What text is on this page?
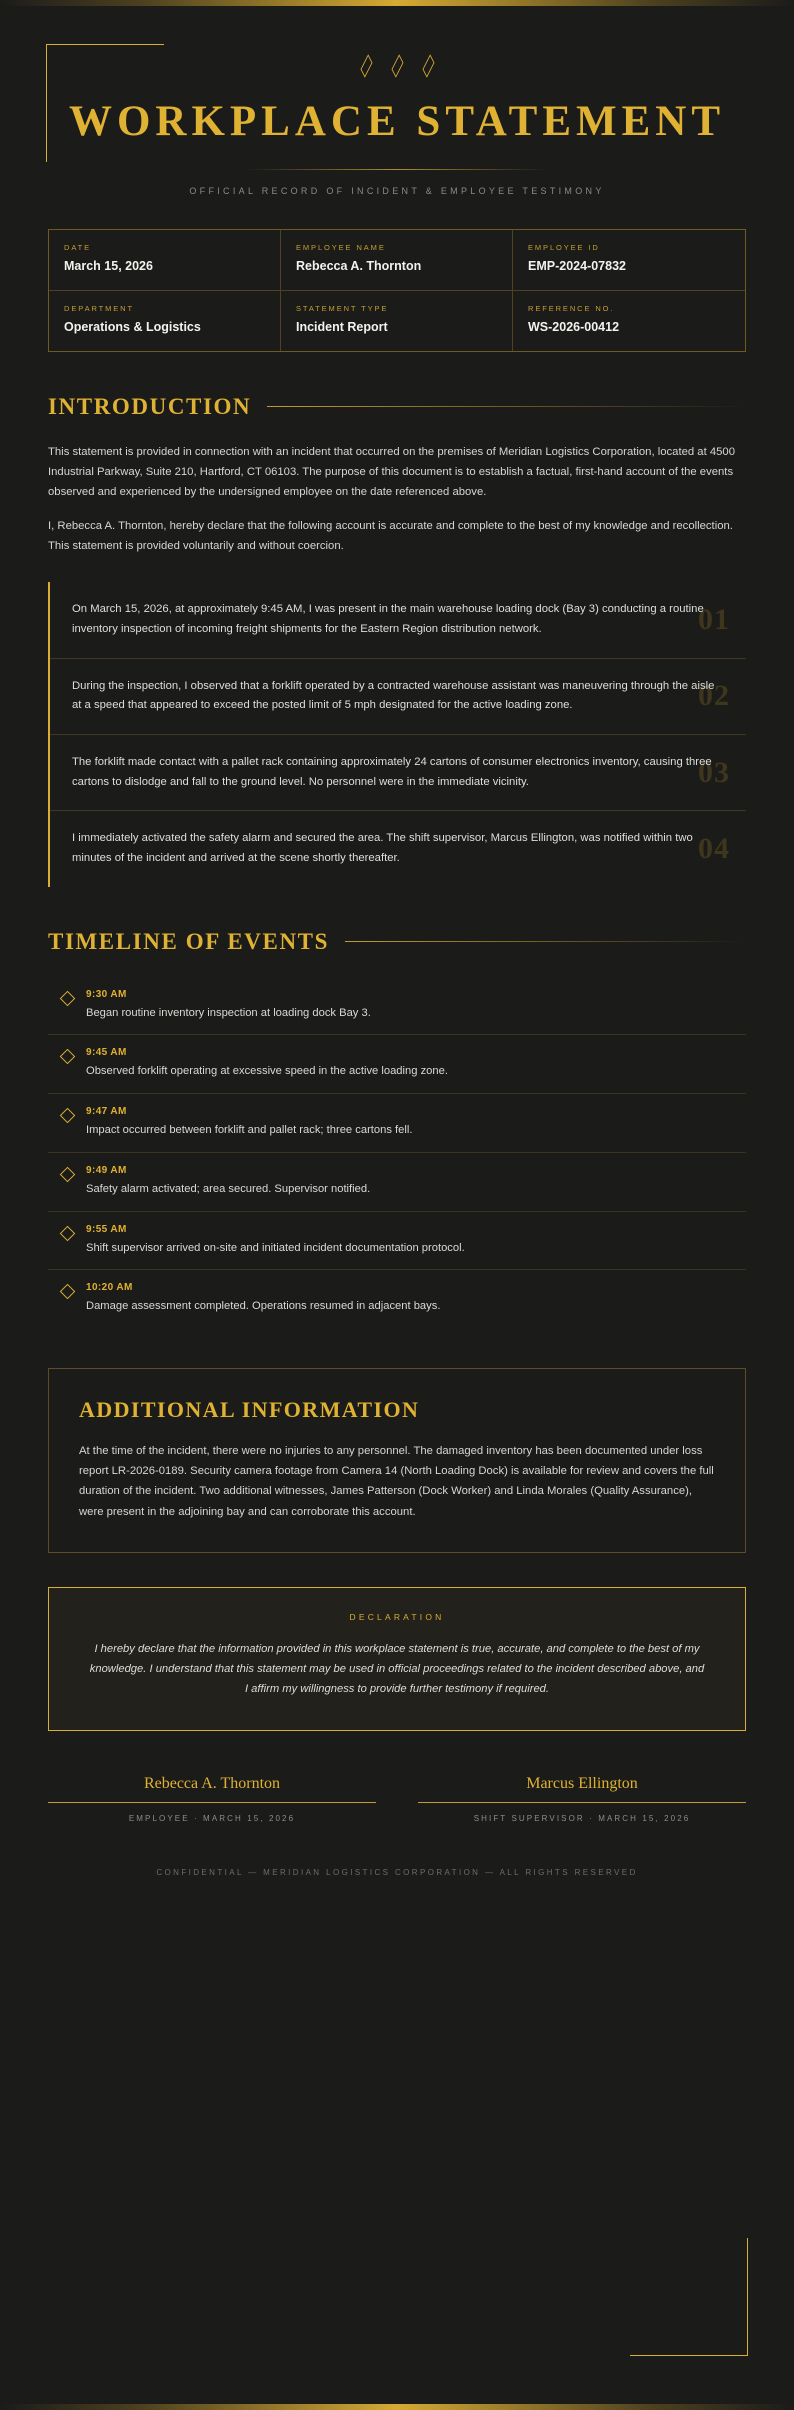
WORKPLACE STATEMENT
OFFICIAL RECORD OF INCIDENT & EMPLOYEE TESTIMONY
DATE
March 15, 2026
EMPLOYEE NAME
Rebecca A. Thornton
EMPLOYEE ID
EMP-2024-07832
DEPARTMENT
Operations & Logistics
STATEMENT TYPE
Incident Report
REFERENCE NO.
WS-2026-00412
INTRODUCTION

This statement is provided in connection with an incident that occurred on the premises of Meridian Logistics Corporation, located at 4500 Industrial Parkway, Suite 210, Hartford, CT 06103. The purpose of this document is to establish a factual, first-hand account of the events observed and experienced by the undersigned employee on the date referenced above.

I, Rebecca A. Thornton, hereby declare that the following account is accurate and complete to the best of my knowledge and recollection. This statement is provided voluntarily and without coercion.

01
On March 15, 2026, at approximately 9:45 AM, I was present in the main warehouse loading dock (Bay 3) conducting a routine inventory inspection of incoming freight shipments for the Eastern Region distribution network.
02
During the inspection, I observed that a forklift operated by a contracted warehouse assistant was maneuvering through the aisle at a speed that appeared to exceed the posted limit of 5 mph designated for the active loading zone.
03
The forklift made contact with a pallet rack containing approximately 24 cartons of consumer electronics inventory, causing three cartons to dislodge and fall to the ground level. No personnel were in the immediate vicinity.
04
I immediately activated the safety alarm and secured the area. The shift supervisor, Marcus Ellington, was notified within two minutes of the incident and arrived at the scene shortly thereafter.
TIMELINE OF EVENTS
9:30 AM
Began routine inventory inspection at loading dock Bay 3.
9:45 AM
Observed forklift operating at excessive speed in the active loading zone.
9:47 AM
Impact occurred between forklift and pallet rack; three cartons fell.
9:49 AM
Safety alarm activated; area secured. Supervisor notified.
9:55 AM
Shift supervisor arrived on-site and initiated incident documentation protocol.
10:20 AM
Damage assessment completed. Operations resumed in adjacent bays.
ADDITIONAL INFORMATION

At the time of the incident, there were no injuries to any personnel. The damaged inventory has been documented under loss report LR-2026-0189. Security camera footage from Camera 14 (North Loading Dock) is available for review and covers the full duration of the incident. Two additional witnesses, James Patterson (Dock Worker) and Linda Morales (Quality Assurance), were present in the adjoining bay and can corroborate this account.

DECLARATION

I hereby declare that the information provided in this workplace statement is true, accurate, and complete to the best of my knowledge. I understand that this statement may be used in official proceedings related to the incident described above, and I affirm my willingness to provide further testimony if required.

Rebecca A. Thornton
EMPLOYEE · MARCH 15, 2026
Marcus Ellington
SHIFT SUPERVISOR · MARCH 15, 2026
CONFIDENTIAL — MERIDIAN LOGISTICS CORPORATION — ALL RIGHTS RESERVED
